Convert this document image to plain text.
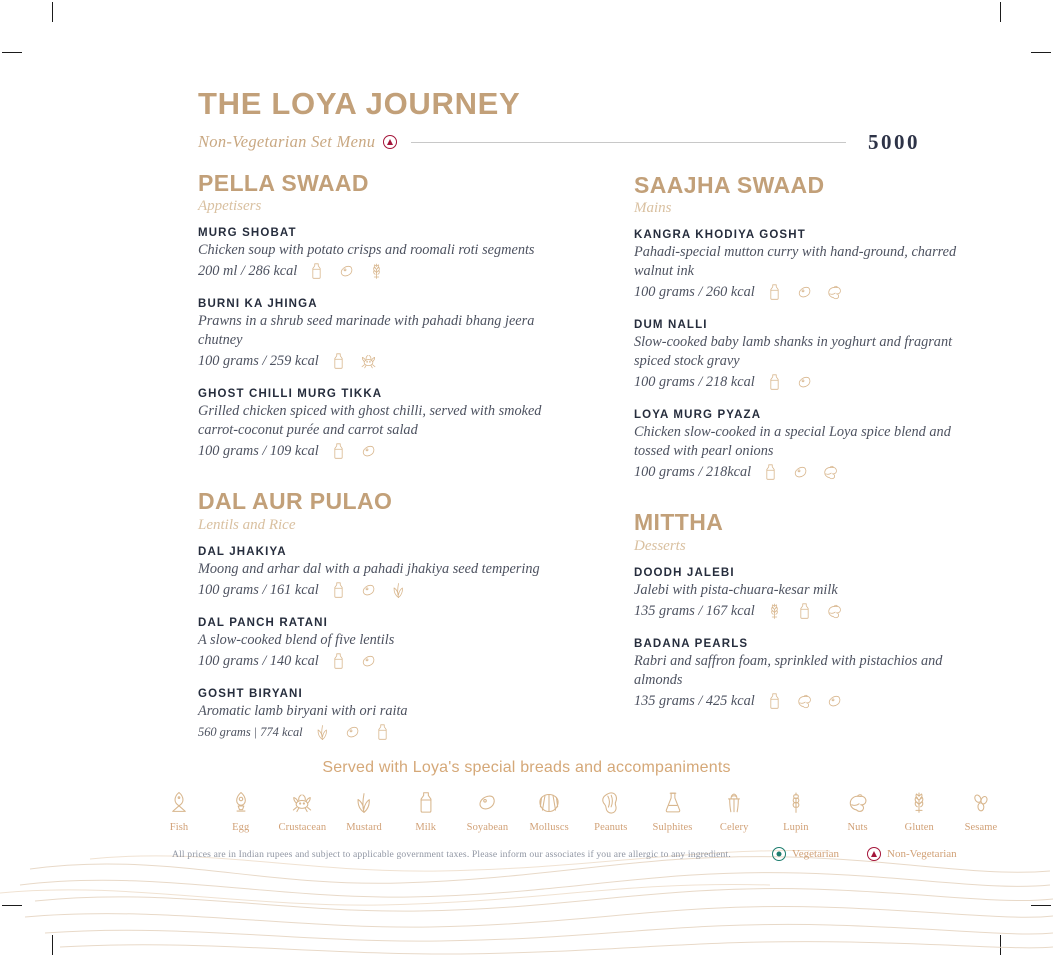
THE LOYA JOURNEY
Non-Vegetarian Set Menu	5000
PELLA SWAAD
Appetisers
MURG SHOBAT
Chicken soup with potato crisps and roomali roti segments
200 ml / 286 kcal
BURNI KA JHINGA
Prawns in a shrub seed marinade with pahadi bhang jeera chutney
100 grams / 259 kcal
GHOST CHILLI MURG TIKKA
Grilled chicken spiced with ghost chilli, served with smoked carrot-coconut purée and carrot salad
100 grams / 109 kcal
DAL AUR PULAO
Lentils and Rice
DAL JHAKIYA
Moong and arhar dal with a pahadi jhakiya seed tempering
100 grams / 161 kcal
DAL PANCH RATANI
A slow-cooked blend of five lentils
100 grams / 140 kcal
GOSHT BIRYANI
Aromatic lamb biryani with ori raita
560 grams | 774 kcal
SAAJHA SWAAD
Mains
KANGRA KHODIYA GOSHT
Pahadi-special mutton curry with hand-ground, charred walnut ink
100 grams / 260 kcal
DUM NALLI
Slow-cooked baby lamb shanks in yoghurt and fragrant spiced stock gravy
100 grams / 218 kcal
LOYA MURG PYAZA
Chicken slow-cooked in a special Loya spice blend and tossed with pearl onions
100 grams / 218kcal
MITTHA
Desserts
DOODH JALEBI
Jalebi with pista-chuara-kesar milk
135 grams / 167 kcal
BADANA PEARLS
Rabri and saffron foam, sprinkled with pistachios and almonds
135 grams / 425 kcal
Served with Loya's special breads and accompaniments
Fish	Egg	Crustacean	Mustard	Milk	Soyabean	Molluscs	Peanuts	Sulphites	Celery	Lupin	Nuts	Gluten	Sesame
All prices are in Indian rupees and subject to applicable government taxes. Please inform our associates if you are allergic to any ingredient.	Vegetarian	Non-Vegetarian
